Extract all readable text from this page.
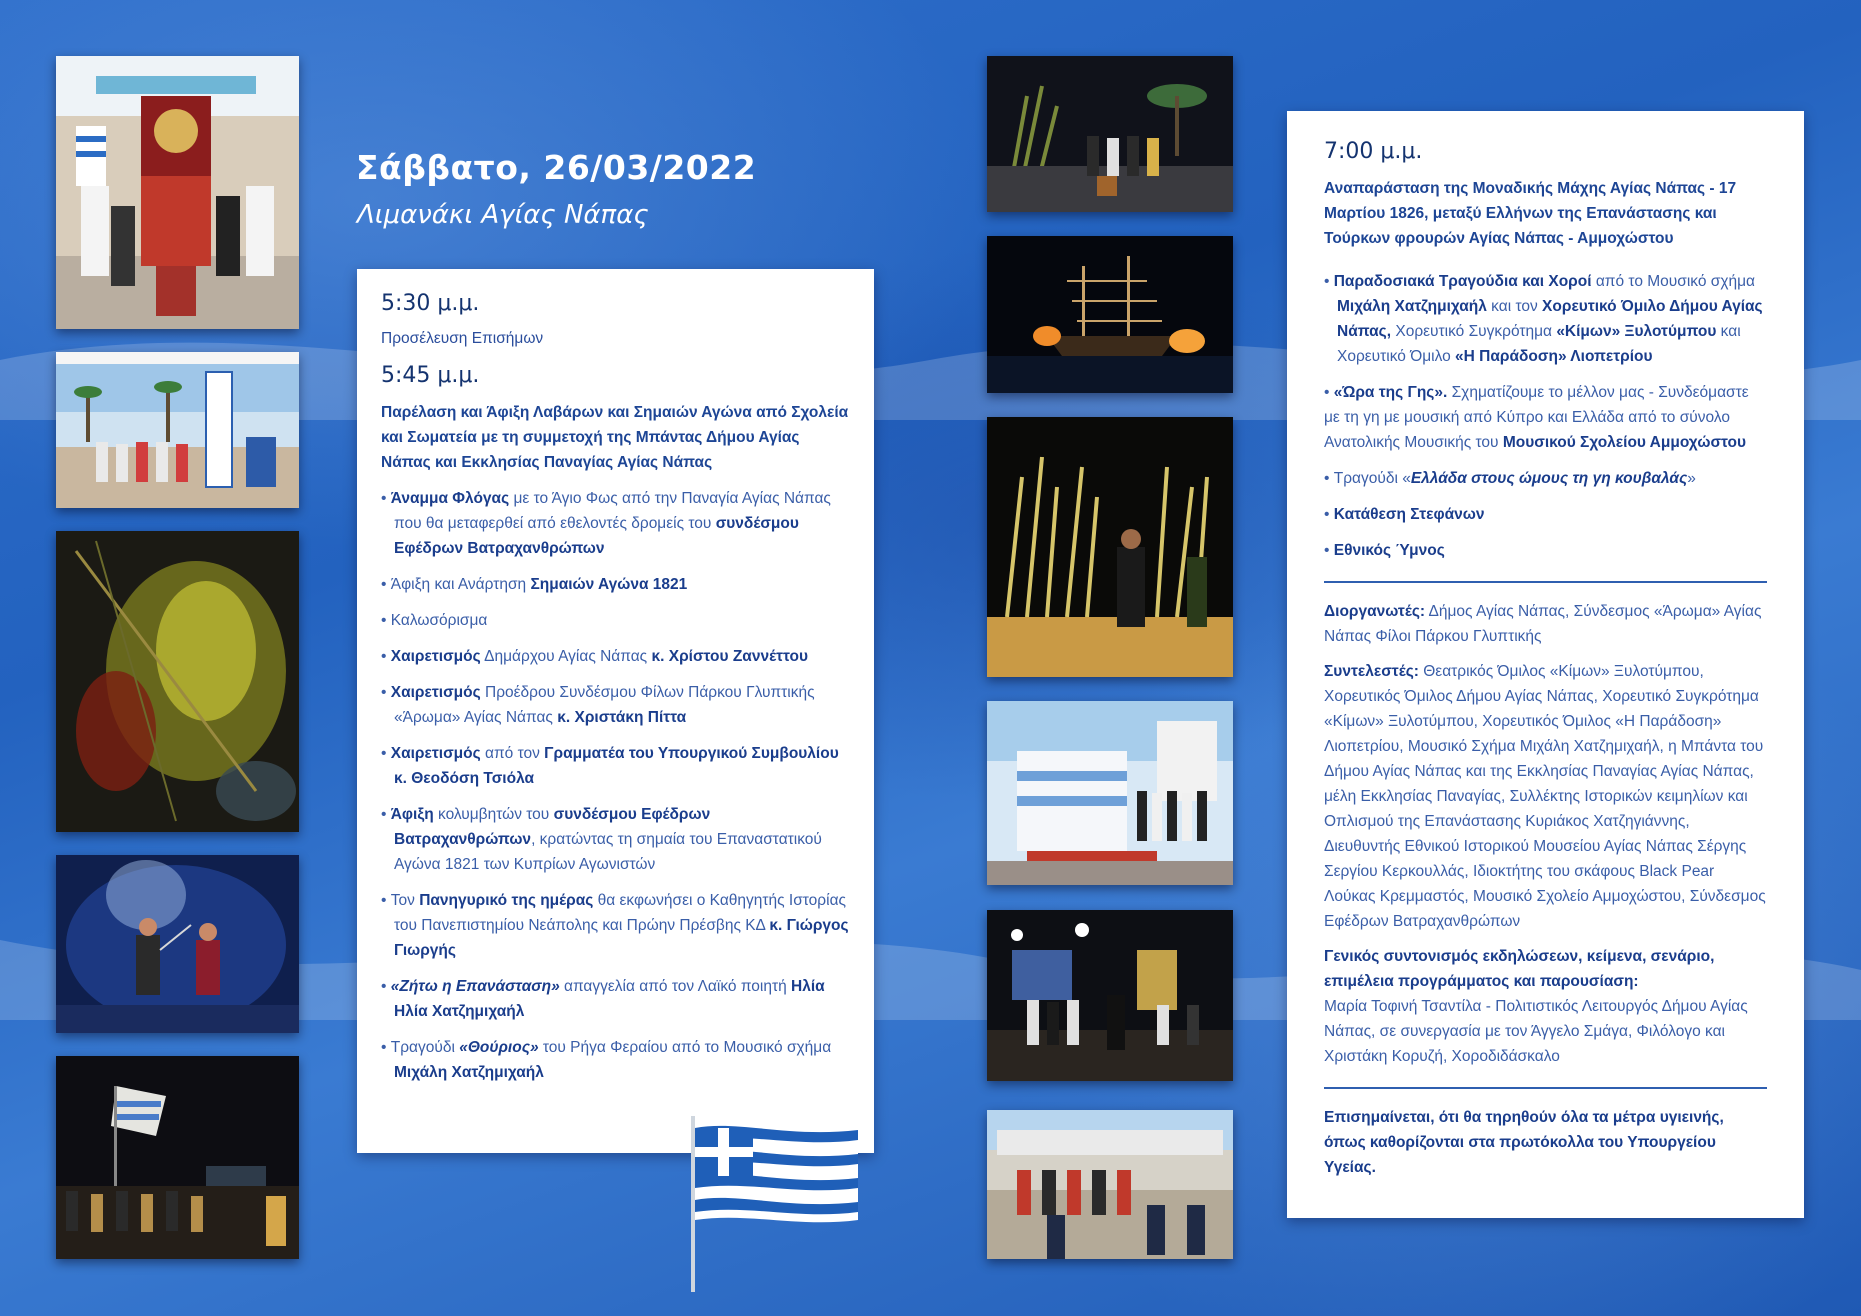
Σάββατο, 26/03/2022
Λιμανάκι Αγίας Νάπας
5:30 μ.μ.
Προσέλευση Επισήμων
5:45 μ.μ.
Παρέλαση και Άφιξη Λαβάρων και Σημαιών Αγώνα από Σχολεία και Σωματεία με τη συμμετοχή της Μπάντας Δήμου Αγίας Νάπας και Εκκλησίας Παναγίας Αγίας Νάπας
• Άναμμα Φλόγας με το Άγιο Φως από την Παναγία Αγίας Νάπας που θα μεταφερθεί από εθελοντές δρομείς του συνδέσμου Εφέδρων Βατραχανθρώπων
• Άφιξη και Ανάρτηση Σημαιών Αγώνα 1821
• Καλωσόρισμα
• Χαιρετισμός Δημάρχου Αγίας Νάπας κ. Χρίστου Ζαννέττου
• Χαιρετισμός Προέδρου Συνδέσμου Φίλων Πάρκου Γλυπτικής «Άρωμα» Αγίας Νάπας κ. Χριστάκη Πίττα
• Χαιρετισμός από τον Γραμματέα του Υπουργικού Συμβουλίου κ. Θεοδόση Τσιόλα
• Άφιξη κολυμβητών του συνδέσμου Εφέδρων Βατραχανθρώπων, κρατώντας τη σημαία του Επαναστατικού Αγώνα 1821 των Κυπρίων Αγωνιστών
• Τον Πανηγυρικό της ημέρας θα εκφωνήσει ο Καθηγητής Ιστορίας του Πανεπιστημίου Νεάπολης και Πρώην Πρέσβης ΚΔ κ. Γιώργος Γιωργής
• «Ζήτω η Επανάσταση» απαγγελία από τον Λαϊκό ποιητή Ηλία Ηλία Χατζημιχαήλ
• Τραγούδι «Θούριος» του Ρήγα Φεραίου από το Μουσικό σχήμα Μιχάλη Χατζημιχαήλ
7:00 μ.μ.
Αναπαράσταση της Μοναδικής Μάχης Αγίας Νάπας - 17 Μαρτίου 1826, μεταξύ Ελλήνων της Επανάστασης και Τούρκων φρουρών Αγίας Νάπας - Αμμοχώστου
• Παραδοσιακά Τραγούδια και Χοροί από το Μουσικό σχήμα Μιχάλη Χατζημιχαήλ και τον Χορευτικό Όμιλο Δήμου Αγίας Νάπας, Χορευτικό Συγκρότημα «Κίμων» Ξυλοτύμπου και Χορευτικό Όμιλο «Η Παράδοση» Λιοπετρίου
• «Ώρα της Γης». Σχηματίζουμε το μέλλον μας - Συνδεόμαστε με τη γη με μουσική από Κύπρο και Ελλάδα από το σύνολο Ανατολικής Μουσικής του Μουσικού Σχολείου Αμμοχώστου
• Τραγούδι «Ελλάδα στους ώμους τη γη κουβαλάς»
• Κατάθεση Στεφάνων
• Εθνικός Ύμνος
Διοργανωτές: Δήμος Αγίας Νάπας, Σύνδεσμος «Άρωμα» Αγίας Νάπας Φίλοι Πάρκου Γλυπτικής
Συντελεστές: Θεατρικός Όμιλος «Κίμων» Ξυλοτύμπου, Χορευτικός Όμιλος Δήμου Αγίας Νάπας, Χορευτικό Συγκρότημα «Κίμων» Ξυλοτύμπου, Χορευτικός Όμιλος «Η Παράδοση» Λιοπετρίου, Μουσικό Σχήμα Μιχάλη Χατζημιχαήλ, η Μπάντα του Δήμου Αγίας Νάπας και της Εκκλησίας Παναγίας Αγίας Νάπας, μέλη Εκκλησίας Παναγίας, Συλλέκτης Ιστορικών κειμηλίων και Οπλισμού της Επανάστασης Κυριάκος Χατζηγιάννης, Διευθυντής Εθνικού Ιστορικού Μουσείου Αγίας Νάπας Σέργης Σεργίου Κερκουλλάς, Ιδιοκτήτης του σκάφους Black Pear Λούκας Κρεμμαστός, Μουσικό Σχολείο Αμμοχώστου, Σύνδεσμος Εφέδρων Βατραχανθρώπων
Γενικός συντονισμός εκδηλώσεων, κείμενα, σενάριο, επιμέλεια προγράμματος και παρουσίαση:
Μαρία Τοφινή Τσαντίλα - Πολιτιστικός Λειτουργός Δήμου Αγίας Νάπας, σε συνεργασία με τον Άγγελο Σμάγα, Φιλόλογο και Χριστάκη Κορυζή, Χοροδιδάσκαλο
Επισημαίνεται, ότι θα τηρηθούν όλα τα μέτρα υγιεινής, όπως καθορίζονται στα πρωτόκολλα του Υπουργείου Υγείας.
